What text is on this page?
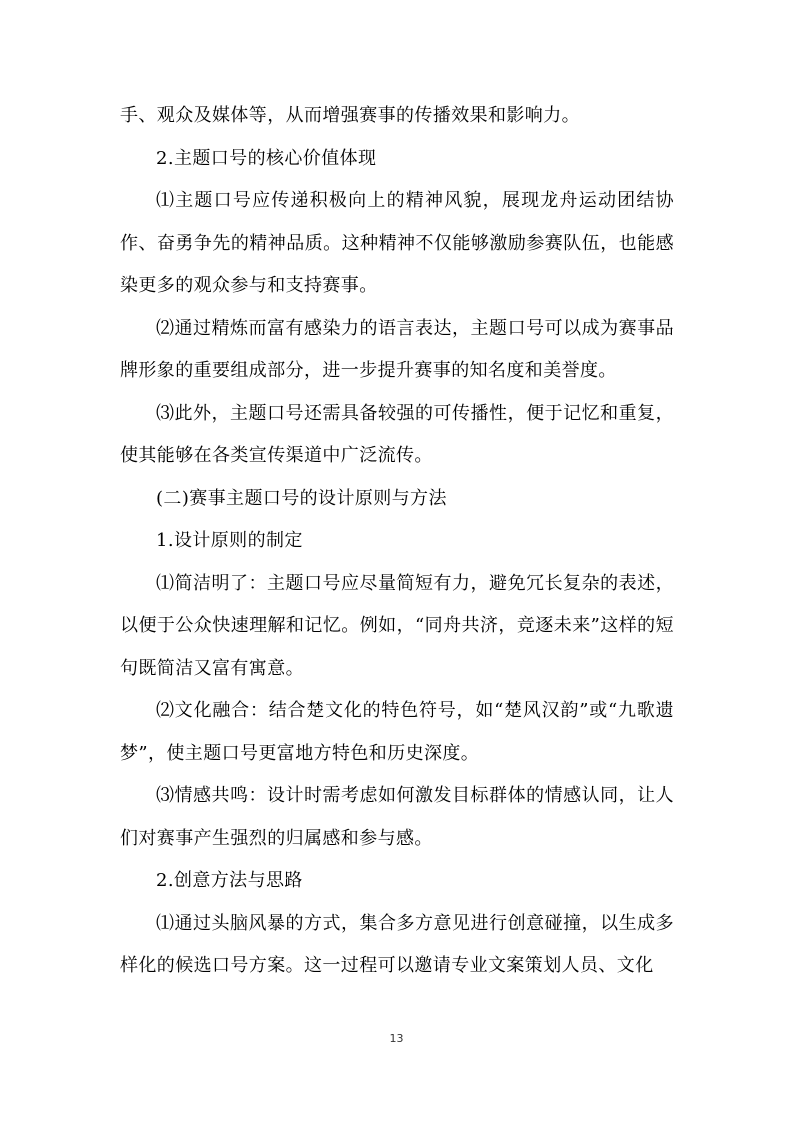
手、观众及媒体等，从而增强赛事的传播效果和影响力。

2.主题口号的核心价值体现

⑴主题口号应传递积极向上的精神风貌，展现龙舟运动团结协作、奋勇争先的精神品质。这种精神不仅能够激励参赛队伍，也能感染更多的观众参与和支持赛事。

⑵通过精炼而富有感染力的语言表达，主题口号可以成为赛事品牌形象的重要组成部分，进一步提升赛事的知名度和美誉度。

⑶此外，主题口号还需具备较强的可传播性，便于记忆和重复，使其能够在各类宣传渠道中广泛流传。

(二)赛事主题口号的设计原则与方法

1.设计原则的制定

⑴简洁明了：主题口号应尽量简短有力，避免冗长复杂的表述，以便于公众快速理解和记忆。例如，“同舟共济，竞逐未来”这样的短句既简洁又富有寓意。

⑵文化融合：结合楚文化的特色符号，如“楚风汉韵”或“九歌遗梦”，使主题口号更富地方特色和历史深度。

⑶情感共鸣：设计时需考虑如何激发目标群体的情感认同，让人们对赛事产生强烈的归属感和参与感。

2.创意方法与思路

⑴通过头脑风暴的方式，集合多方意见进行创意碰撞，以生成多样化的候选口号方案。这一过程可以邀请专业文案策划人员、文化

13
